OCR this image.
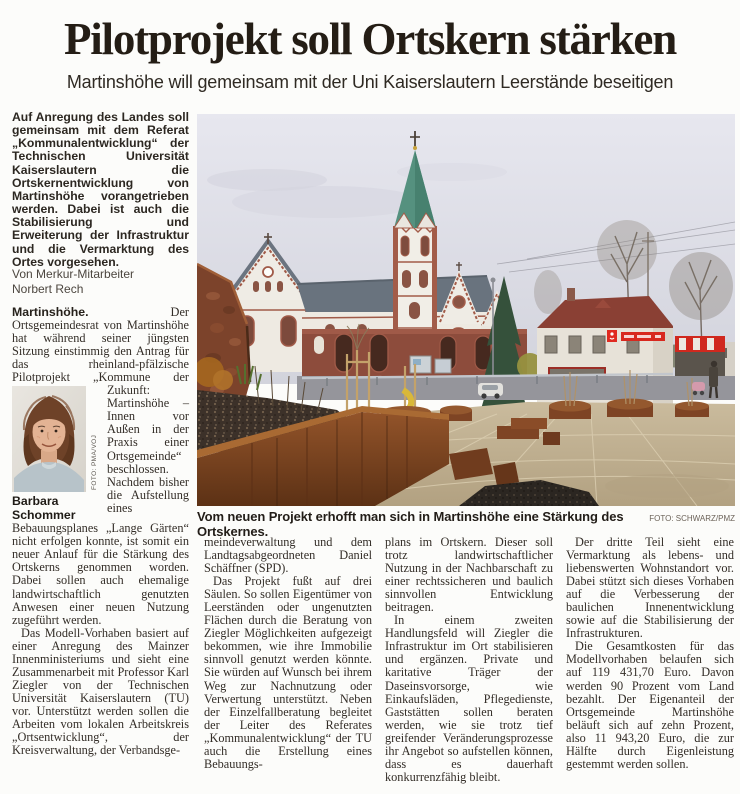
Pilotprojekt soll Ortskern stärken
Martinshöhe will gemeinsam mit der Uni Kaiserslautern Leerstände beseitigen

Auf Anregung des Landes soll gemeinsam mit dem Referat „Kommunalentwicklung“ der Technischen Universität Kaiserslautern die Ortskernentwicklung von Martinshöhe vorangetrieben werden. Dabei ist auch die Stabilisierung und Erweiterung der Infrastruktur und die Vermarktung des Ortes vorgesehen.

Von Merkur-Mitarbeiter
Norbert Rech

Martinshöhe. Der Ortsgemeindesrat von Martinshöhe hat während seiner jüngsten Sitzung einstimmig den Antrag für das rheinland-pfälzische Pilotprojekt „Kommune der Zukunft:
FOTO: PMA/VOJ
Barbara Schommer
Martinshöhe – Innen vor Außen in der Praxis einer Ortsgemeinde“ beschlossen. Nachdem bisher die Aufstellung eines Bebauungsplanes „Lange Gärten“ nicht erfolgen konnte, ist somit ein neuer Anlauf für die Stärkung des Ortskerns genommen worden. Dabei sollen auch ehemalige landwirtschaftlich genutzten Anwesen einer neuen Nutzung zugeführt werden.

Das Modell-Vorhaben basiert auf einer Anregung des Mainzer Innenministeriums und sieht eine Zusammenarbeit mit Professor Karl Ziegler von der Technischen Universität Kaiserslautern (TU) vor. Unterstützt werden sollen die Arbeiten vom lokalen Arbeitskreis „Ortsentwicklung“, der Kreisverwaltung, der Verbandsge-

Vom neuen Projekt erhofft man sich in Martinshöhe eine Stärkung des Ortskernes.
FOTO: SCHWARZ/PMZ

meindeverwaltung und dem Landtagsabgeordneten Daniel Schäffner (SPD).

Das Projekt fußt auf drei Säulen. So sollen Eigentümer von Leerständen oder ungenutzten Flächen durch die Beratung von Ziegler Möglichkeiten aufgezeigt bekommen, wie ihre Immobilie sinnvoll genutzt werden könnte. Sie würden auf Wunsch bei ihrem Weg zur Nachnutzung oder Verwertung unterstützt. Neben der Einzelfallberatung begleitet der Leiter des Referates „Kommunalentwicklung“ der TU auch die Erstellung eines Bebauungs-

plans im Ortskern. Dieser soll trotz landwirtschaftlicher Nutzung in der Nachbarschaft zu einer rechtssicheren und baulich sinnvollen Entwicklung beitragen.

In einem zweiten Handlungsfeld will Ziegler die Infrastruktur im Ort stabilisieren und ergänzen. Private und karitative Träger der Daseinsvorsorge, wie Einkaufsläden, Pflegedienste, Gaststätten sollen beraten werden, wie sie trotz tief greifender Veränderungsprozesse ihr Angebot so aufstellen können, dass es dauerhaft konkurrenzfähig bleibt.

Der dritte Teil sieht eine Vermarktung als lebens- und liebenswerten Wohnstandort vor. Dabei stützt sich dieses Vorhaben auf die Verbesserung der baulichen Innenentwicklung sowie auf die Stabilisierung der Infrastrukturen.

Die Gesamtkosten für das Modellvorhaben belaufen sich auf 119 431,70 Euro. Davon werden 90 Prozent vom Land bezahlt. Der Eigenanteil der Ortsgemeinde Martinshöhe beläuft sich auf zehn Prozent, also 11 943,20 Euro, die zur Hälfte durch Eigenleistung gestemmt werden sollen.
